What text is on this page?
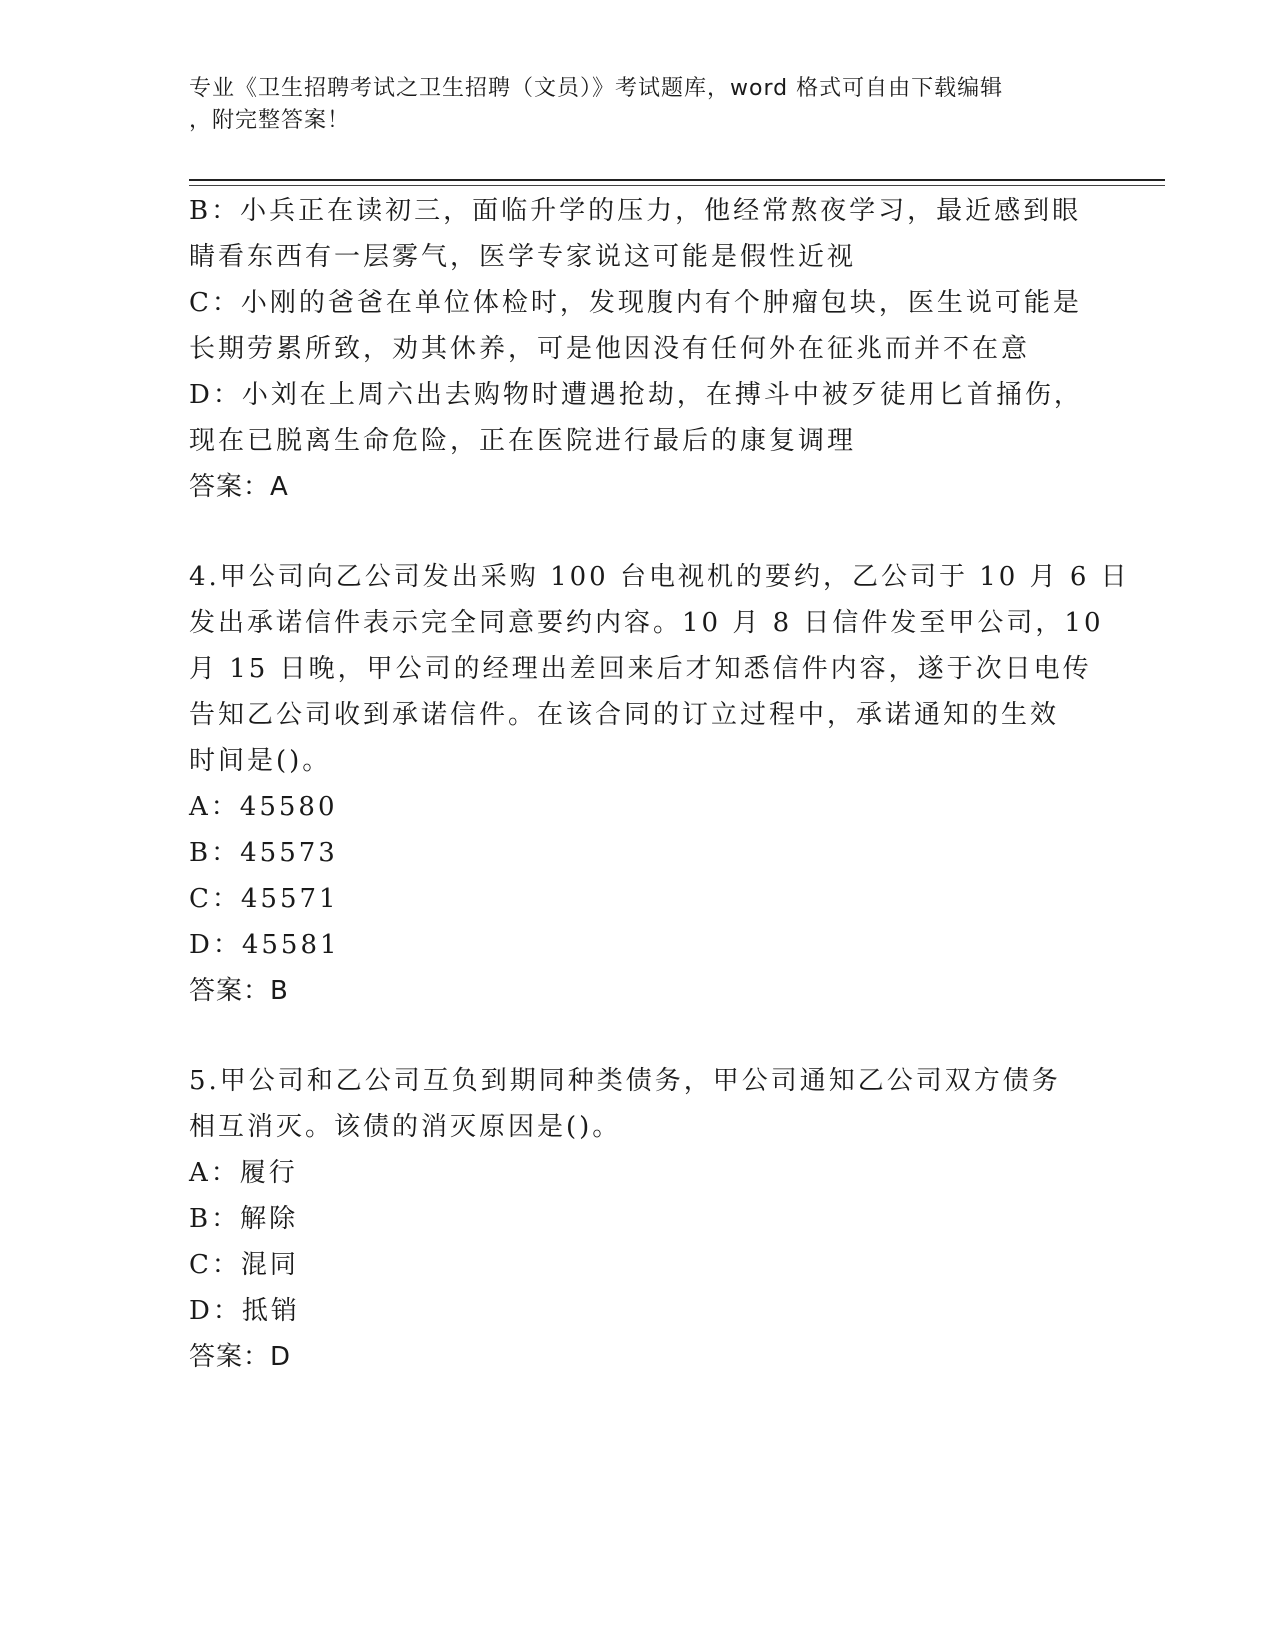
专业《卫生招聘考试之卫生招聘（文员）》考试题库，word 格式可自由下载编辑
，附完整答案！
B：小兵正在读初三，面临升学的压力，他经常熬夜学习，最近感到眼
睛看东西有一层雾气，医学专家说这可能是假性近视
C：小刚的爸爸在单位体检时，发现腹内有个肿瘤包块，医生说可能是
长期劳累所致，劝其休养，可是他因没有任何外在征兆而并不在意
D：小刘在上周六出去购物时遭遇抢劫，在搏斗中被歹徒用匕首捅伤，
现在已脱离生命危险，正在医院进行最后的康复调理
答案：A
4.甲公司向乙公司发出采购 100 台电视机的要约，乙公司于 10 月 6 日
发出承诺信件表示完全同意要约内容。10 月 8 日信件发至甲公司，10
月 15 日晚，甲公司的经理出差回来后才知悉信件内容，遂于次日电传
告知乙公司收到承诺信件。在该合同的订立过程中，承诺通知的生效
时间是()。
A：45580
B：45573
C：45571
D：45581
答案：B
5.甲公司和乙公司互负到期同种类债务，甲公司通知乙公司双方债务
相互消灭。该债的消灭原因是()。
A：履行
B：解除
C：混同
D：抵销
答案：D
